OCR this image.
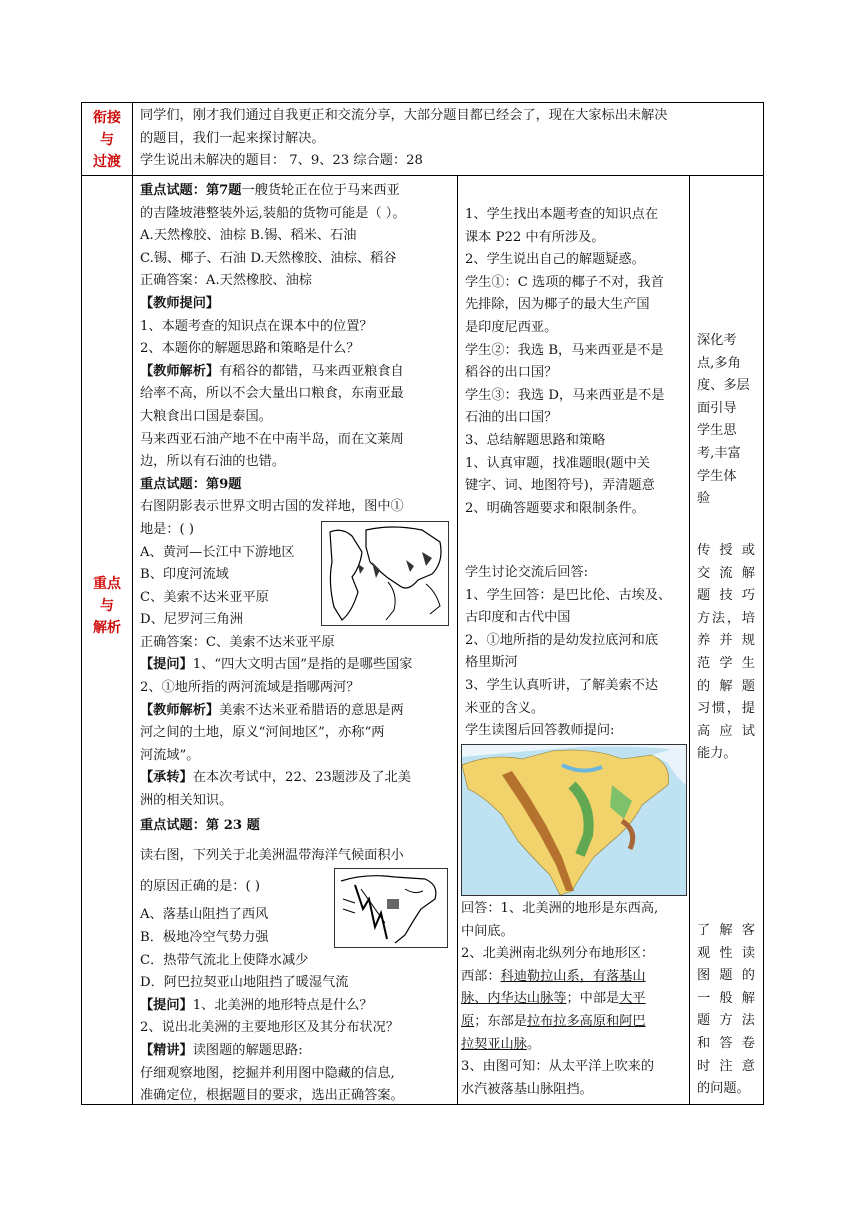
衔接
与
过渡

同学们，刚才我们通过自我更正和交流分享，大部分题目都已经会了，现在大家标出未解决

的题目，我们一起来探讨解决。

学生说出未解决的题目： 7、9、23 综合题：28

重点
与
解析

重点试题：第7题一艘货轮正在位于马来西亚

的吉隆坡港整装外运,装船的货物可能是（ ）。

A.天然橡胶、油棕 B.锡、稻米、石油

C.锡、椰子、石油 D.天然橡胶、油棕、稻谷

正确答案：A.天然橡胶、油棕

【教师提问】

1、本题考查的知识点在课本中的位置？

2、本题你的解题思路和策略是什么？

【教师解析】有稻谷的都错，马来西亚粮食自

给率不高，所以不会大量出口粮食，东南亚最

大粮食出口国是泰国。

马来西亚石油产地不在中南半岛，而在文莱周

边，所以有石油的也错。

重点试题：第9题

右图阴影表示世界文明古国的发祥地，图中①

地是：( )

A、黄河—长江中下游地区

B、印度河流域

C、美索不达米亚平原

D、尼罗河三角洲

正确答案：C、美索不达米亚平原

【提问】1、“四大文明古国”是指的是哪些国家

2、①地所指的两河流域是指哪两河？

【教师解析】美索不达米亚希腊语的意思是两

河之间的土地，原义“河间地区”，亦称“两

河流域”。

【承转】在本次考试中，22、23题涉及了北美

洲的相关知识。

重点试题：第 23 题

读右图，下列关于北美洲温带海洋气候面积小

的原因正确的是：( )

A、落基山阻挡了西风

B．极地冷空气势力强

C．热带气流北上使降水减少

D．阿巴拉契亚山地阻挡了暖湿气流

【提问】1、北美洲的地形特点是什么？

2、说出北美洲的主要地形区及其分布状况？

【精讲】读图题的解题思路:

仔细观察地图，挖掘并利用图中隐藏的信息,

准确定位，根据题目的要求，选出正确答案。

1、学生找出本题考查的知识点在

课本 P22 中有所涉及。

2、学生说出自己的解题疑惑。

学生①：C 选项的椰子不对，我首

先排除，因为椰子的最大生产国

是印度尼西亚。

学生②：我选 B，马来西亚是不是

稻谷的出口国？

学生③：我选 D，马来西亚是不是

石油的出口国？

3、总结解题思路和策略

1、认真审题，找准题眼(题中关

键字、词、地图符号)，弄清题意

2、明确答题要求和限制条件。

学生讨论交流后回答:

1、学生回答：是巴比伦、古埃及、

古印度和古代中国

2、①地所指的是幼发拉底河和底

格里斯河

3、学生认真听讲，了解美索不达

米亚的含义。

学生读图后回答教师提问:

回答：1、北美洲的地形是东西高,

中间底。

2、北美洲南北纵列分布地形区：

西部：科迪勒拉山系，有落基山

脉、内华达山脉等；中部是大平

原；东部是拉布拉多高原和阿巴

拉契亚山脉。

3、由图可知：从太平洋上吹来的

水汽被落基山脉阻挡。

深化考

点,多角

度、多层

面引导

学生思

考,丰富

学生体

验

传授或

交流解

题技巧

方法，培

养并规

范学生

的解题

习惯，提

高应试

能力。

了解客

观性读

图题的

一般解

题方法

和答卷

时注意

的问题。
